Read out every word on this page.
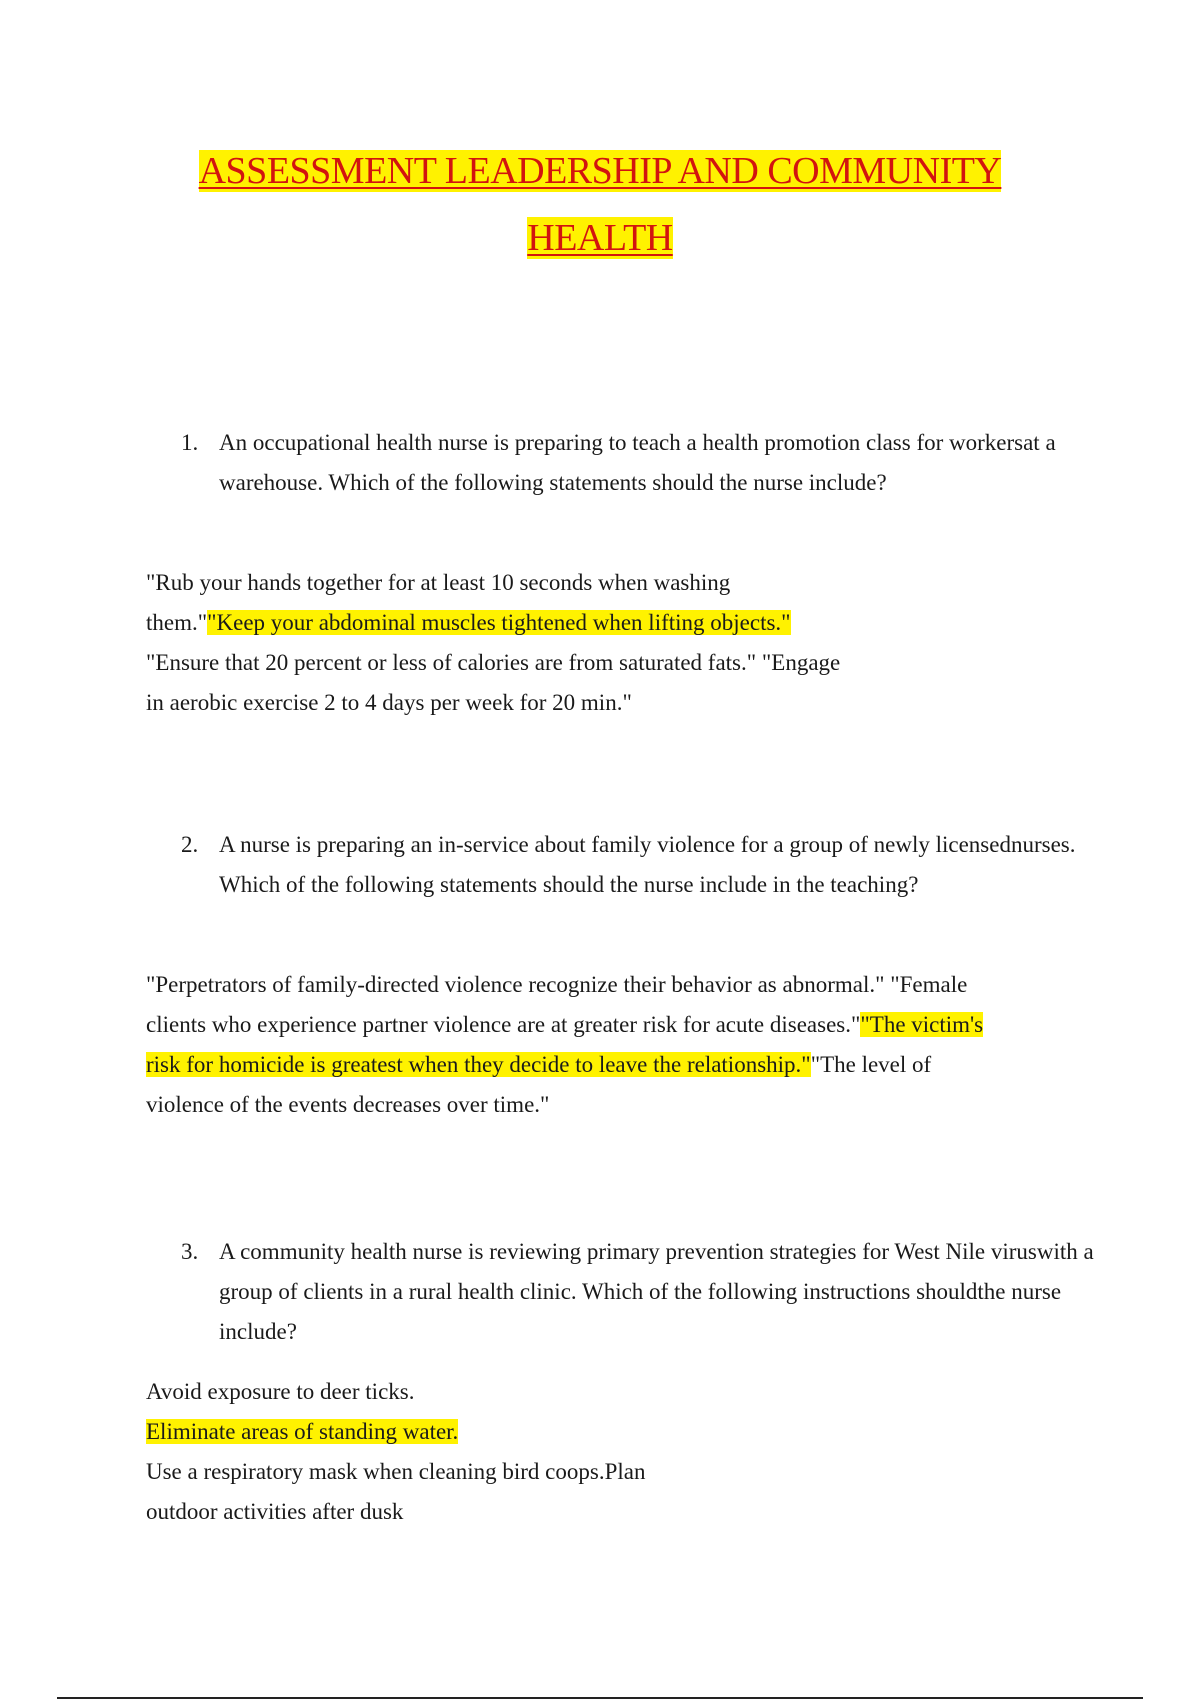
ASSESSMENT LEADERSHIP AND COMMUNITY
HEALTH
1. An occupational health nurse is preparing to teach a health promotion class for workersat a warehouse. Which of the following statements should the nurse include?
"Rub your hands together for at least 10 seconds when washing them.""Keep your abdominal muscles tightened when lifting objects." "Ensure that 20 percent or less of calories are from saturated fats." "Engage in aerobic exercise 2 to 4 days per week for 20 min."
2. A nurse is preparing an in-service about family violence for a group of newly licensednurses. Which of the following statements should the nurse include in the teaching?
"Perpetrators of family-directed violence recognize their behavior as abnormal." "Female clients who experience partner violence are at greater risk for acute diseases.""The victim's risk for homicide is greatest when they decide to leave the relationship.""The level of violence of the events decreases over time."
3. A community health nurse is reviewing primary prevention strategies for West Nile viruswith a group of clients in a rural health clinic. Which of the following instructions shouldthe nurse include?
Avoid exposure to deer ticks.
Eliminate areas of standing water.
Use a respiratory mask when cleaning bird coops.Plan outdoor activities after dusk
